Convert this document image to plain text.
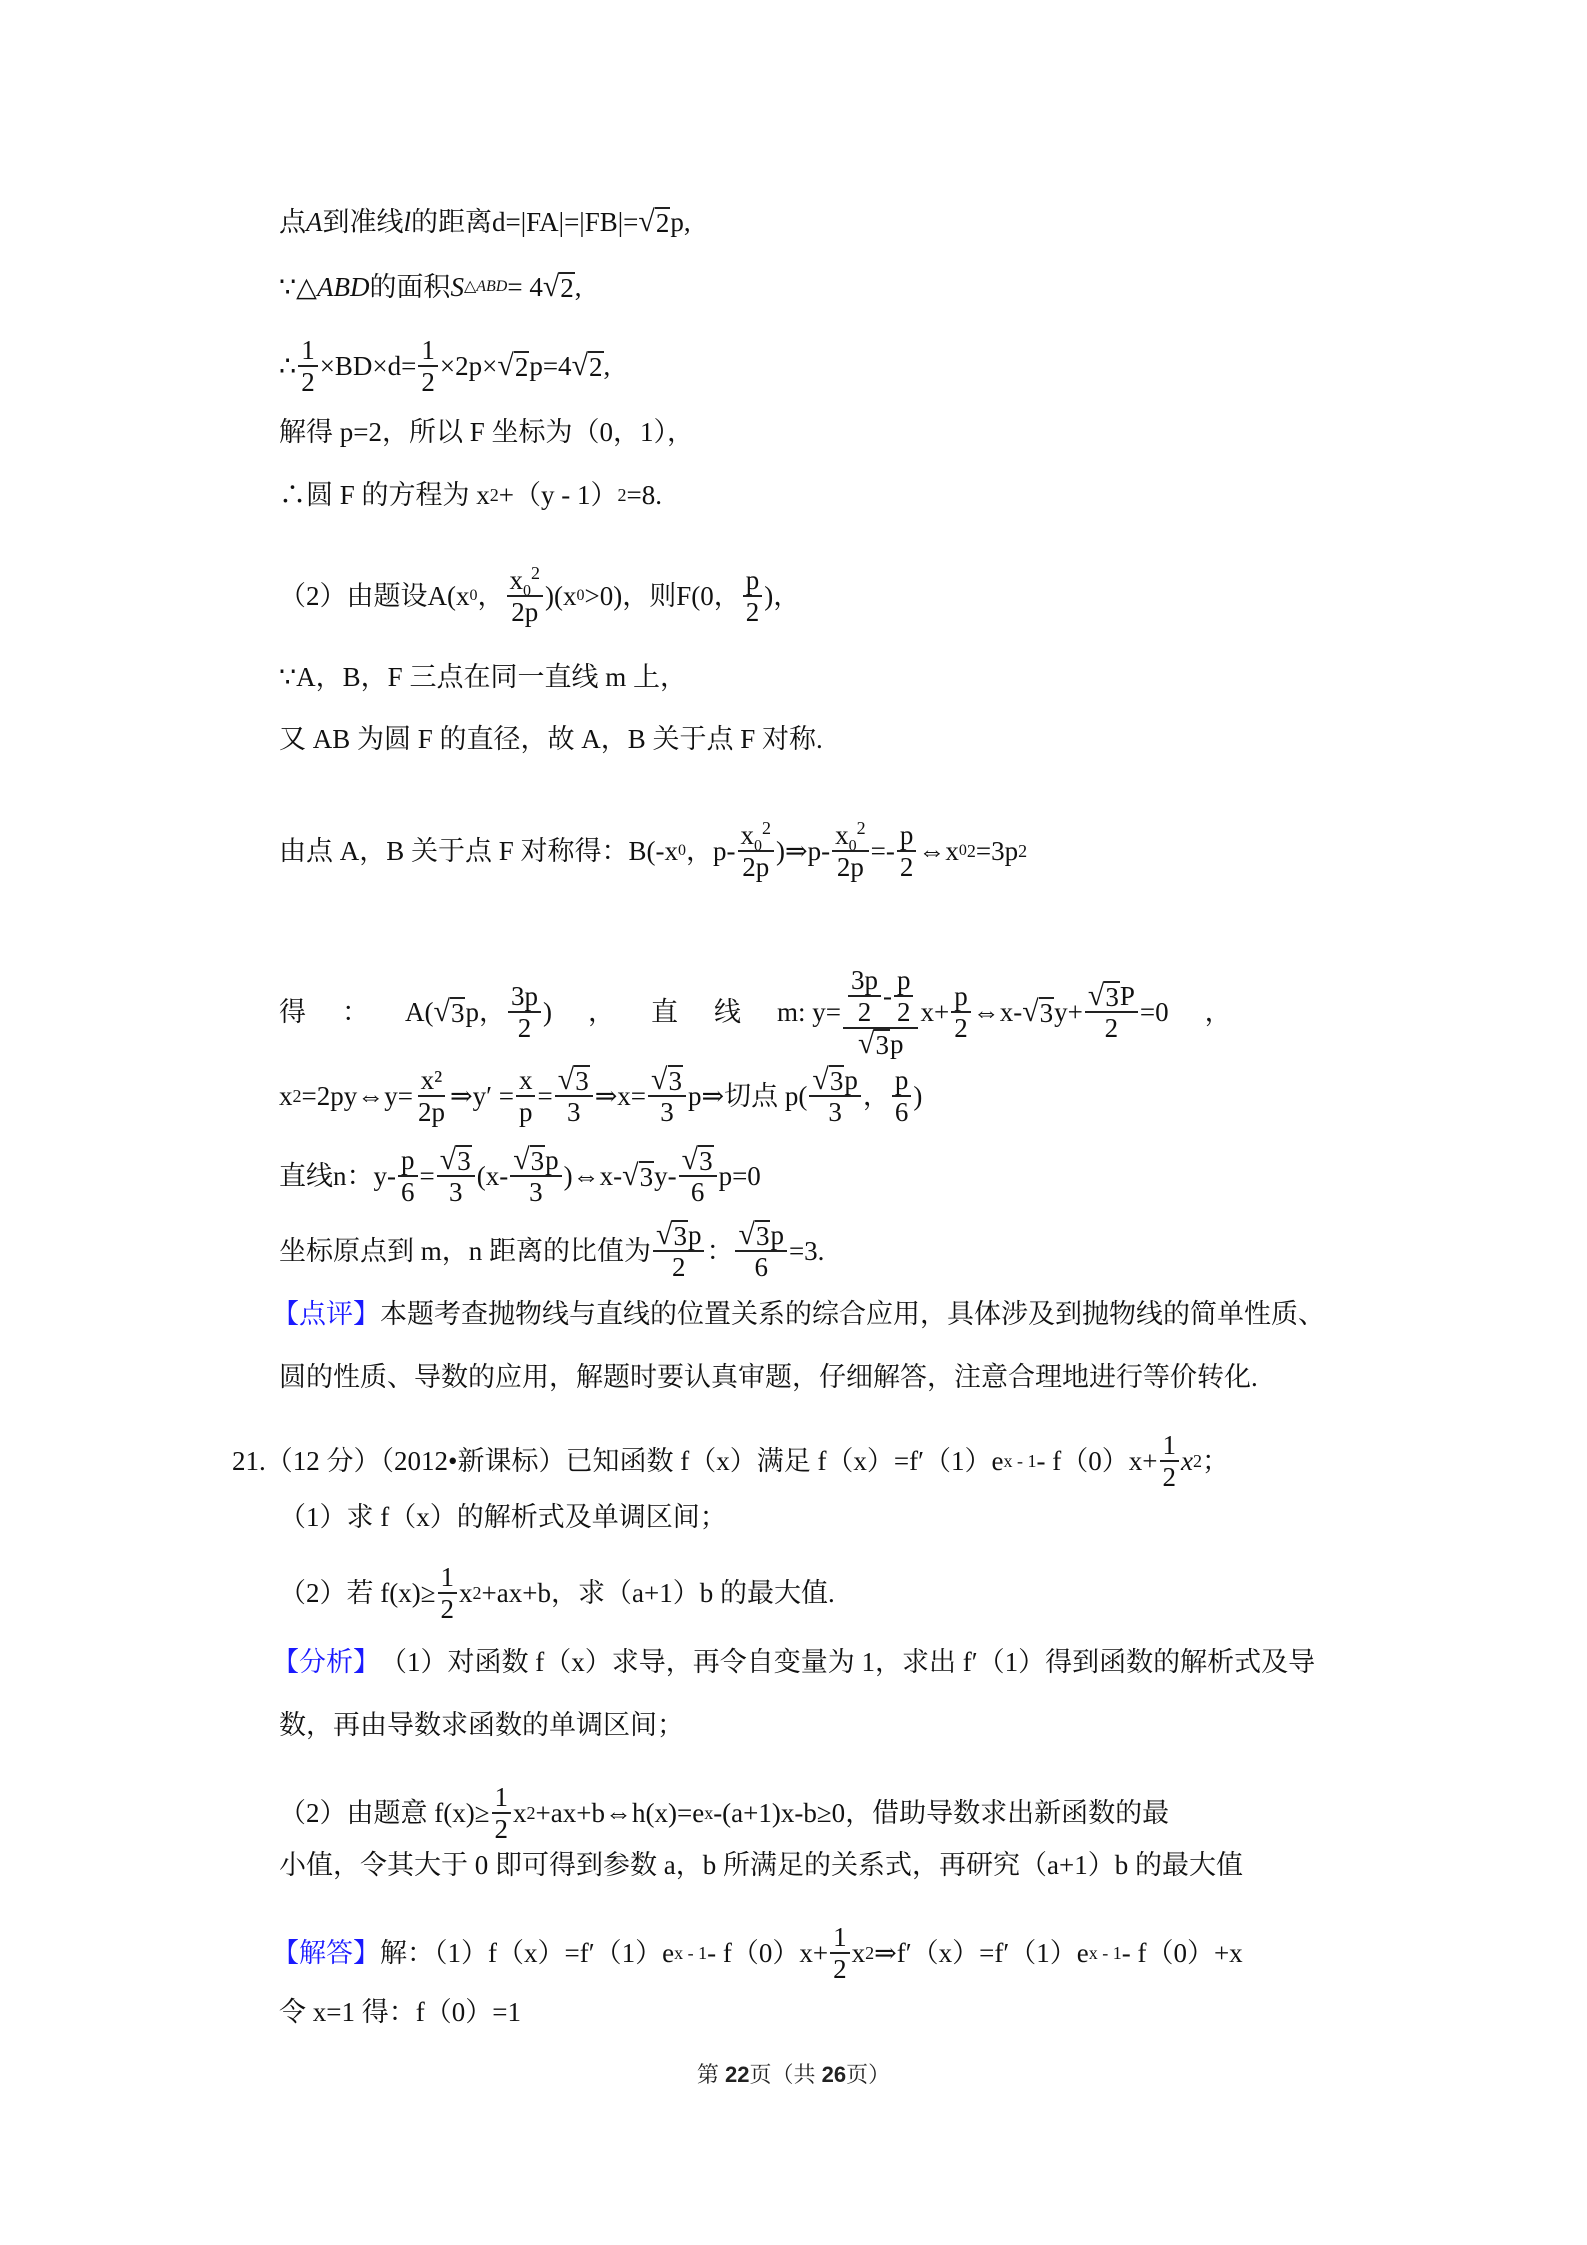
点 A 到准线 l 的距离 d=|FA|=|FB|= √ 2 p,
∵△ ABD 的面积 S △ABD = 4 √ 2 ,
∴ $\frac{1}{2} \times BD\times d= \frac{1}{2} \times 2p\times$ √ 2 p=4 √ 2 ,
解得 p=2，所以 F 坐标为（0，1），
∴圆 F 的方程为 x 2 +（y - 1） 2 =8.
（2）由题设 A(x 0 ， $\frac{x_0^2}{2p} )(x$ 0 >0)，则F(0， $\frac{p}{2}$ )，
∵A，B，F 三点在同一直线 m 上，
又 AB 为圆 F 的直径，故 A，B 关于点 F 对称.
由点 A，B 关于点 F 对称得： B(-x 0 ，$p- \frac{x_0^2}{2p}$ )⇒p- $\frac{x_0^2}{2p} =- \frac{p}{2}$ ⇔x 0 2 =3p 2
得 ： A( √ 3 p， $\frac{3p}{2}$ ) ， 直 线 m:
$y= \frac{\frac{3p}{2} - \frac{p}{2}}{√ 3 p} x+ \frac{p}{2}$ ⇔x- √ 3 $y+ \frac{√ 3 P}{2} =0$ ，
x 2 =2py⇔y= $\frac{\text{x²}}{2p}$ ⇒y′ = $\frac{x}{p} = \frac{√ 3}{3}$ ⇒x= $\frac{√ 3}{3}$ p⇒切点 $p( \frac{√ 3 p}{3}$ ， $\frac{p}{6}$ )
直线n：$y- \frac{p}{6} = \frac{√ 3}{3} (x- \frac{√ 3 p}{3}$ )⇔x- √ 3 $y- \frac{√ 3}{6} p=0$
坐标原点到 m，n 距离的比值为 $\frac{√ 3 p}{2}$ ： $\frac{√ 3 p}{6} =3$.
【点评】 本题考查抛物线与直线的位置关系的综合应用，具体涉及到抛物线的简单性质、
圆的性质、导数的应用，解题时要认真审题，仔细解答，注意合理地进行等价转化.
21. （12 分）（2012•新课标）已知函数 f（x）满足 f（x）=f′（1）e $x - 1 - f(0)x+ \frac{1}{2}$ x 2 ；
（1）求 f（x）的解析式及单调区间；
（2）若 $f(x)\ge \frac{1}{2}$ x 2 +ax+b，求（a+1）b 的最大值.
【分析】 （1）对函数 f（x）求导，再令自变量为 1，求出 f′（1）得到函数的解析式及导
数，再由导数求函数的单调区间；
（2）由题意 $f(x)\ge \frac{1}{2}$ x 2 +ax+b⇔h(x)=e x -(a+1)x-b≥0 ，借助导数求出新函数的最
小值，令其大于 0 即可得到参数 a，b 所满足的关系式，再研究（a+1）b 的最大值
【解答】 解：（1）f（x）=f′（1）e $x - 1 - f(0)x+ \frac{1}{2}$ x 2 ⇒f′（x）=f′（1）e x - 1 - f（0）+x
令 x=1 得：f（0）=1
第 22页（共 26页）
